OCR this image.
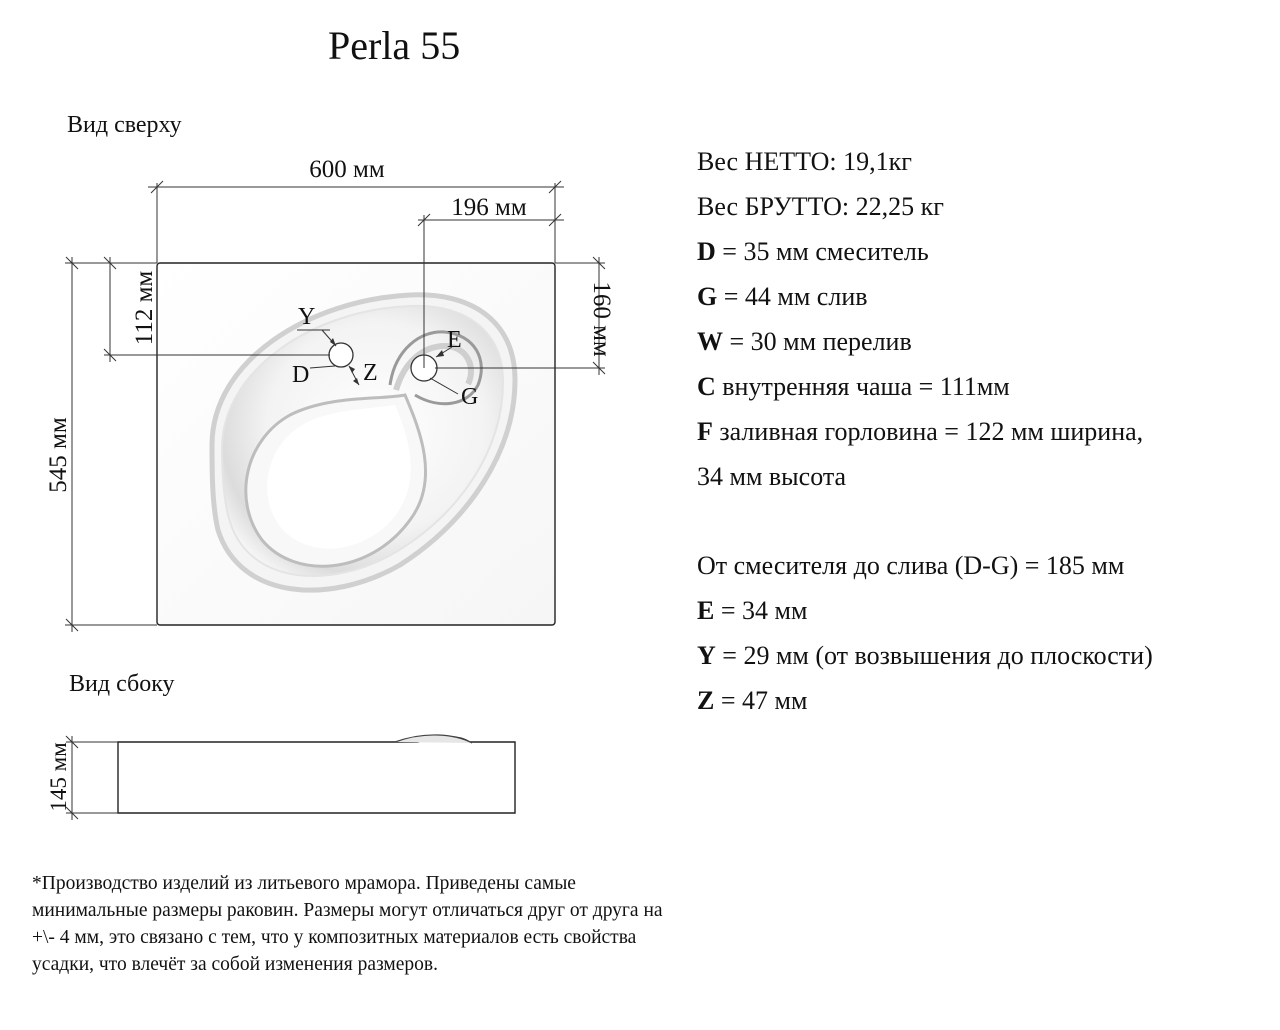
Perla 55
Вид сверху
Вид сбоку
600 мм
196 мм
545 мм
112 мм	160 мм
Y
D Z
E
G
145 мм
Вес НЕТТО: 19,1кг
Вес БРУТТО: 22,25 кг
D = 35 мм смеситель
G = 44 мм слив
W = 30 мм перелив
C внутренняя чаша = 111мм
F заливная горловина = 122 мм ширина,
34 мм высота
От смесителя до слива (D-G) = 185 мм
E = 34 мм
Y = 29 мм (от возвышения до плоскости)
Z = 47 мм
*Производство изделий из литьевого мрамора. Приведены самые минимальные размеры раковин. Размеры могут отличаться друг от друга на +\- 4 мм, это связано с тем, что у композитных материалов есть свойства усадки, что влечёт за собой изменения размеров.
